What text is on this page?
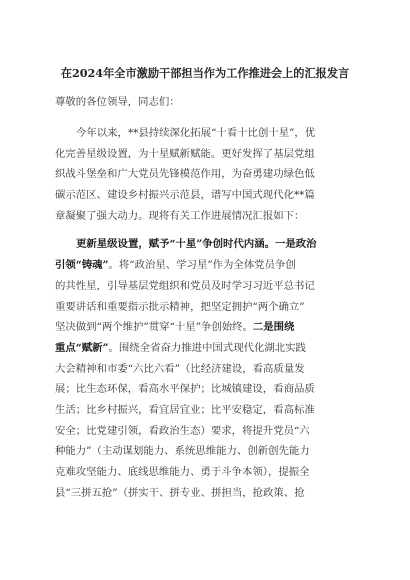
在2024年全市激励干部担当作为工作推进会上的汇报发言
尊敬的各位领导，同志们：
今年以来，**县持续深化拓展“十看十比创十星”，优
化完善星级设置，为十星赋新赋能。更好发挥了基层党组
织战斗堡垒和广大党员先锋模范作用，为奋勇建功绿色低
碳示范区、建设乡村振兴示范县，谱写中国式现代化**篇
章凝聚了强大动力。现将有关工作进展情况汇报如下：
更新星级设置，赋予“十星”争创时代内涵。一是政治
引领“铸魂” 。将“政治星、学习星”作为全体党员争创
的共性星，引导基层党组织和党员及时学习习近平总书记
重要讲话和重要指示批示精神，把坚定拥护“两个确立”
坚决做到“两个维护”贯穿“十星”争创始终。 二是围绕
重点“赋新” 。围绕全省奋力推进中国式现代化湖北实践
大会精神和市委“六比六看”（比经济建设，看高质量发
展；比生态环保，看高水平保护；比城镇建设，看商品质
生活；比乡村振兴，看宜居宜业；比平安稳定，看高标准
安全；比党建引领，看政治生态）要求，将提升党员“六
种能力”（主动谋划能力、系统思维能力、创新创先能力
克难攻坚能力、底线思维能力、勇于斗争本领），提振全
县“三拼五抢”（拼实干、拼专业、拼担当，抢政策、抢
